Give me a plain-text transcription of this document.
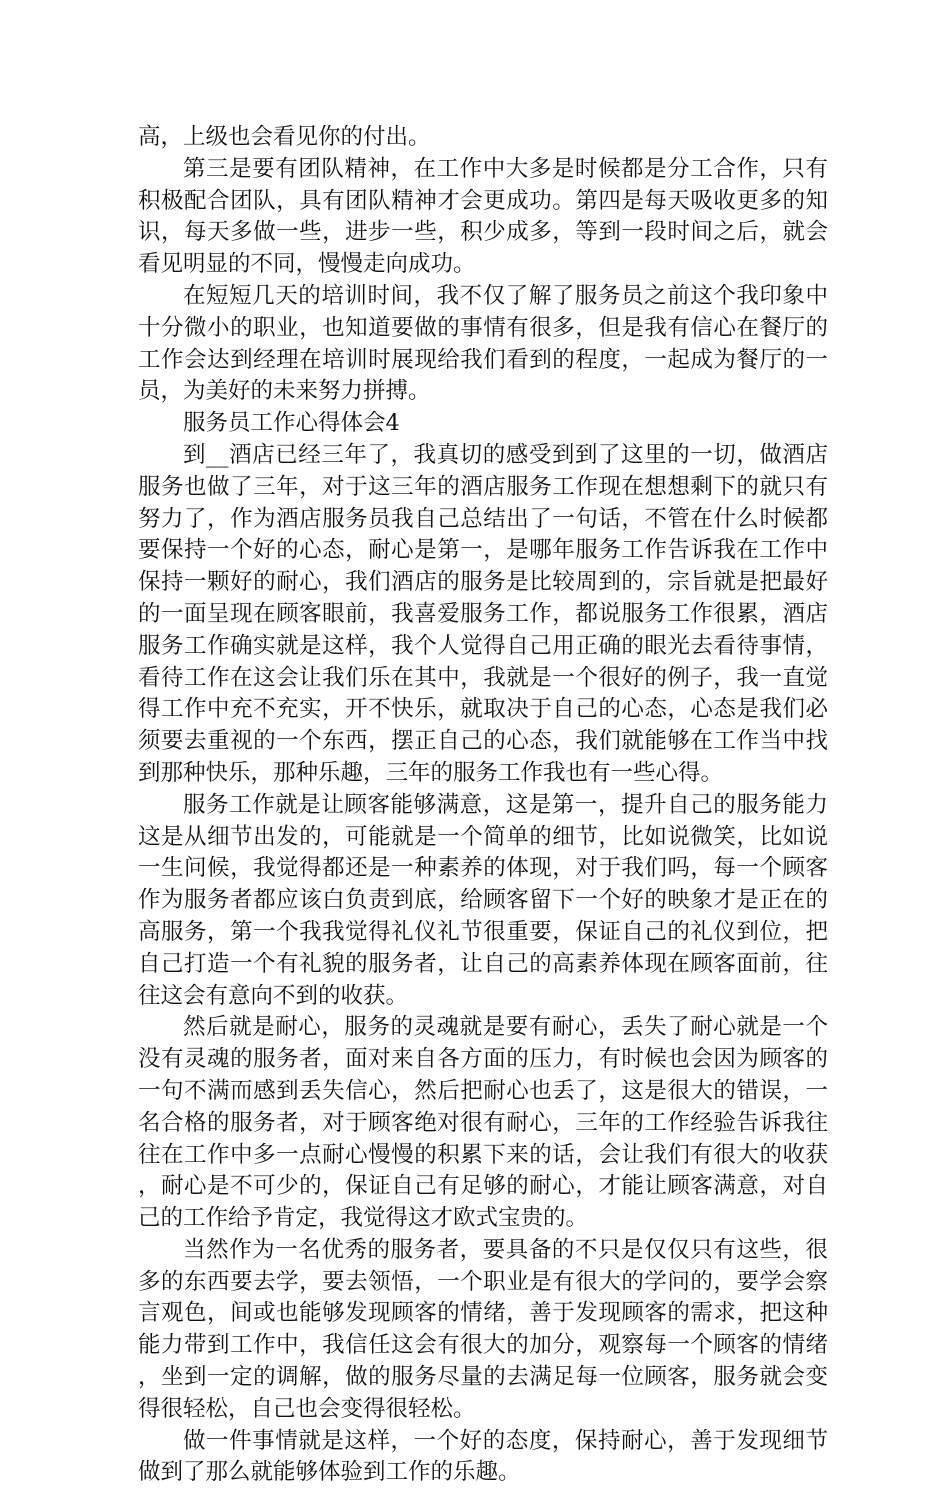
高，上级也会看见你的付出。

第三是要有团队精神，在工作中大多是时候都是分工合作，只有积极配合团队，具有团队精神才会更成功。第四是每天吸收更多的知识，每天多做一些，进步一些，积少成多，等到一段时间之后，就会看见明显的不同，慢慢走向成功。

在短短几天的培训时间，我不仅了解了服务员之前这个我印象中十分微小的职业，也知道要做的事情有很多，但是我有信心在餐厅的工作会达到经理在培训时展现给我们看到的程度，一起成为餐厅的一员，为美好的未来努力拼搏。

服务员工作心得体会4

到__酒店已经三年了，我真切的感受到到了这里的一切，做酒店服务也做了三年，对于这三年的酒店服务工作现在想想剩下的就只有努力了，作为酒店服务员我自己总结出了一句话，不管在什么时候都要保持一个好的心态，耐心是第一，是哪年服务工作告诉我在工作中保持一颗好的耐心，我们酒店的服务是比较周到的，宗旨就是把最好的一面呈现在顾客眼前，我喜爱服务工作，都说服务工作很累，酒店服务工作确实就是这样，我个人觉得自己用正确的眼光去看待事情，看待工作在这会让我们乐在其中，我就是一个很好的例子，我一直觉得工作中充不充实，开不快乐，就取决于自己的心态，心态是我们必须要去重视的一个东西，摆正自己的心态，我们就能够在工作当中找到那种快乐，那种乐趣，三年的服务工作我也有一些心得。

服务工作就是让顾客能够满意，这是第一，提升自己的服务能力这是从细节出发的，可能就是一个简单的细节，比如说微笑，比如说一生问候，我觉得都还是一种素养的体现，对于我们吗，每一个顾客作为服务者都应该白负责到底，给顾客留下一个好的映象才是正在的高服务，第一个我我觉得礼仪礼节很重要，保证自己的礼仪到位，把自己打造一个有礼貌的服务者，让自己的高素养体现在顾客面前，往往这会有意向不到的收获。

然后就是耐心，服务的灵魂就是要有耐心，丢失了耐心就是一个没有灵魂的服务者，面对来自各方面的压力，有时候也会因为顾客的一句不满而感到丢失信心，然后把耐心也丢了，这是很大的错误，一名合格的服务者，对于顾客绝对很有耐心，三年的工作经验告诉我往往在工作中多一点耐心慢慢的积累下来的话，会让我们有很大的收获，耐心是不可少的，保证自己有足够的耐心，才能让顾客满意，对自己的工作给予肯定，我觉得这才欧式宝贵的。

当然作为一名优秀的服务者，要具备的不只是仅仅只有这些，很多的东西要去学，要去领悟，一个职业是有很大的学问的，要学会察言观色，间或也能够发现顾客的情绪，善于发现顾客的需求，把这种能力带到工作中，我信任这会有很大的加分，观察每一个顾客的情绪，坐到一定的调解，做的服务尽量的去满足每一位顾客，服务就会变得很轻松，自己也会变得很轻松。

做一件事情就是这样，一个好的态度，保持耐心，善于发现细节做到了那么就能够体验到工作的乐趣。
